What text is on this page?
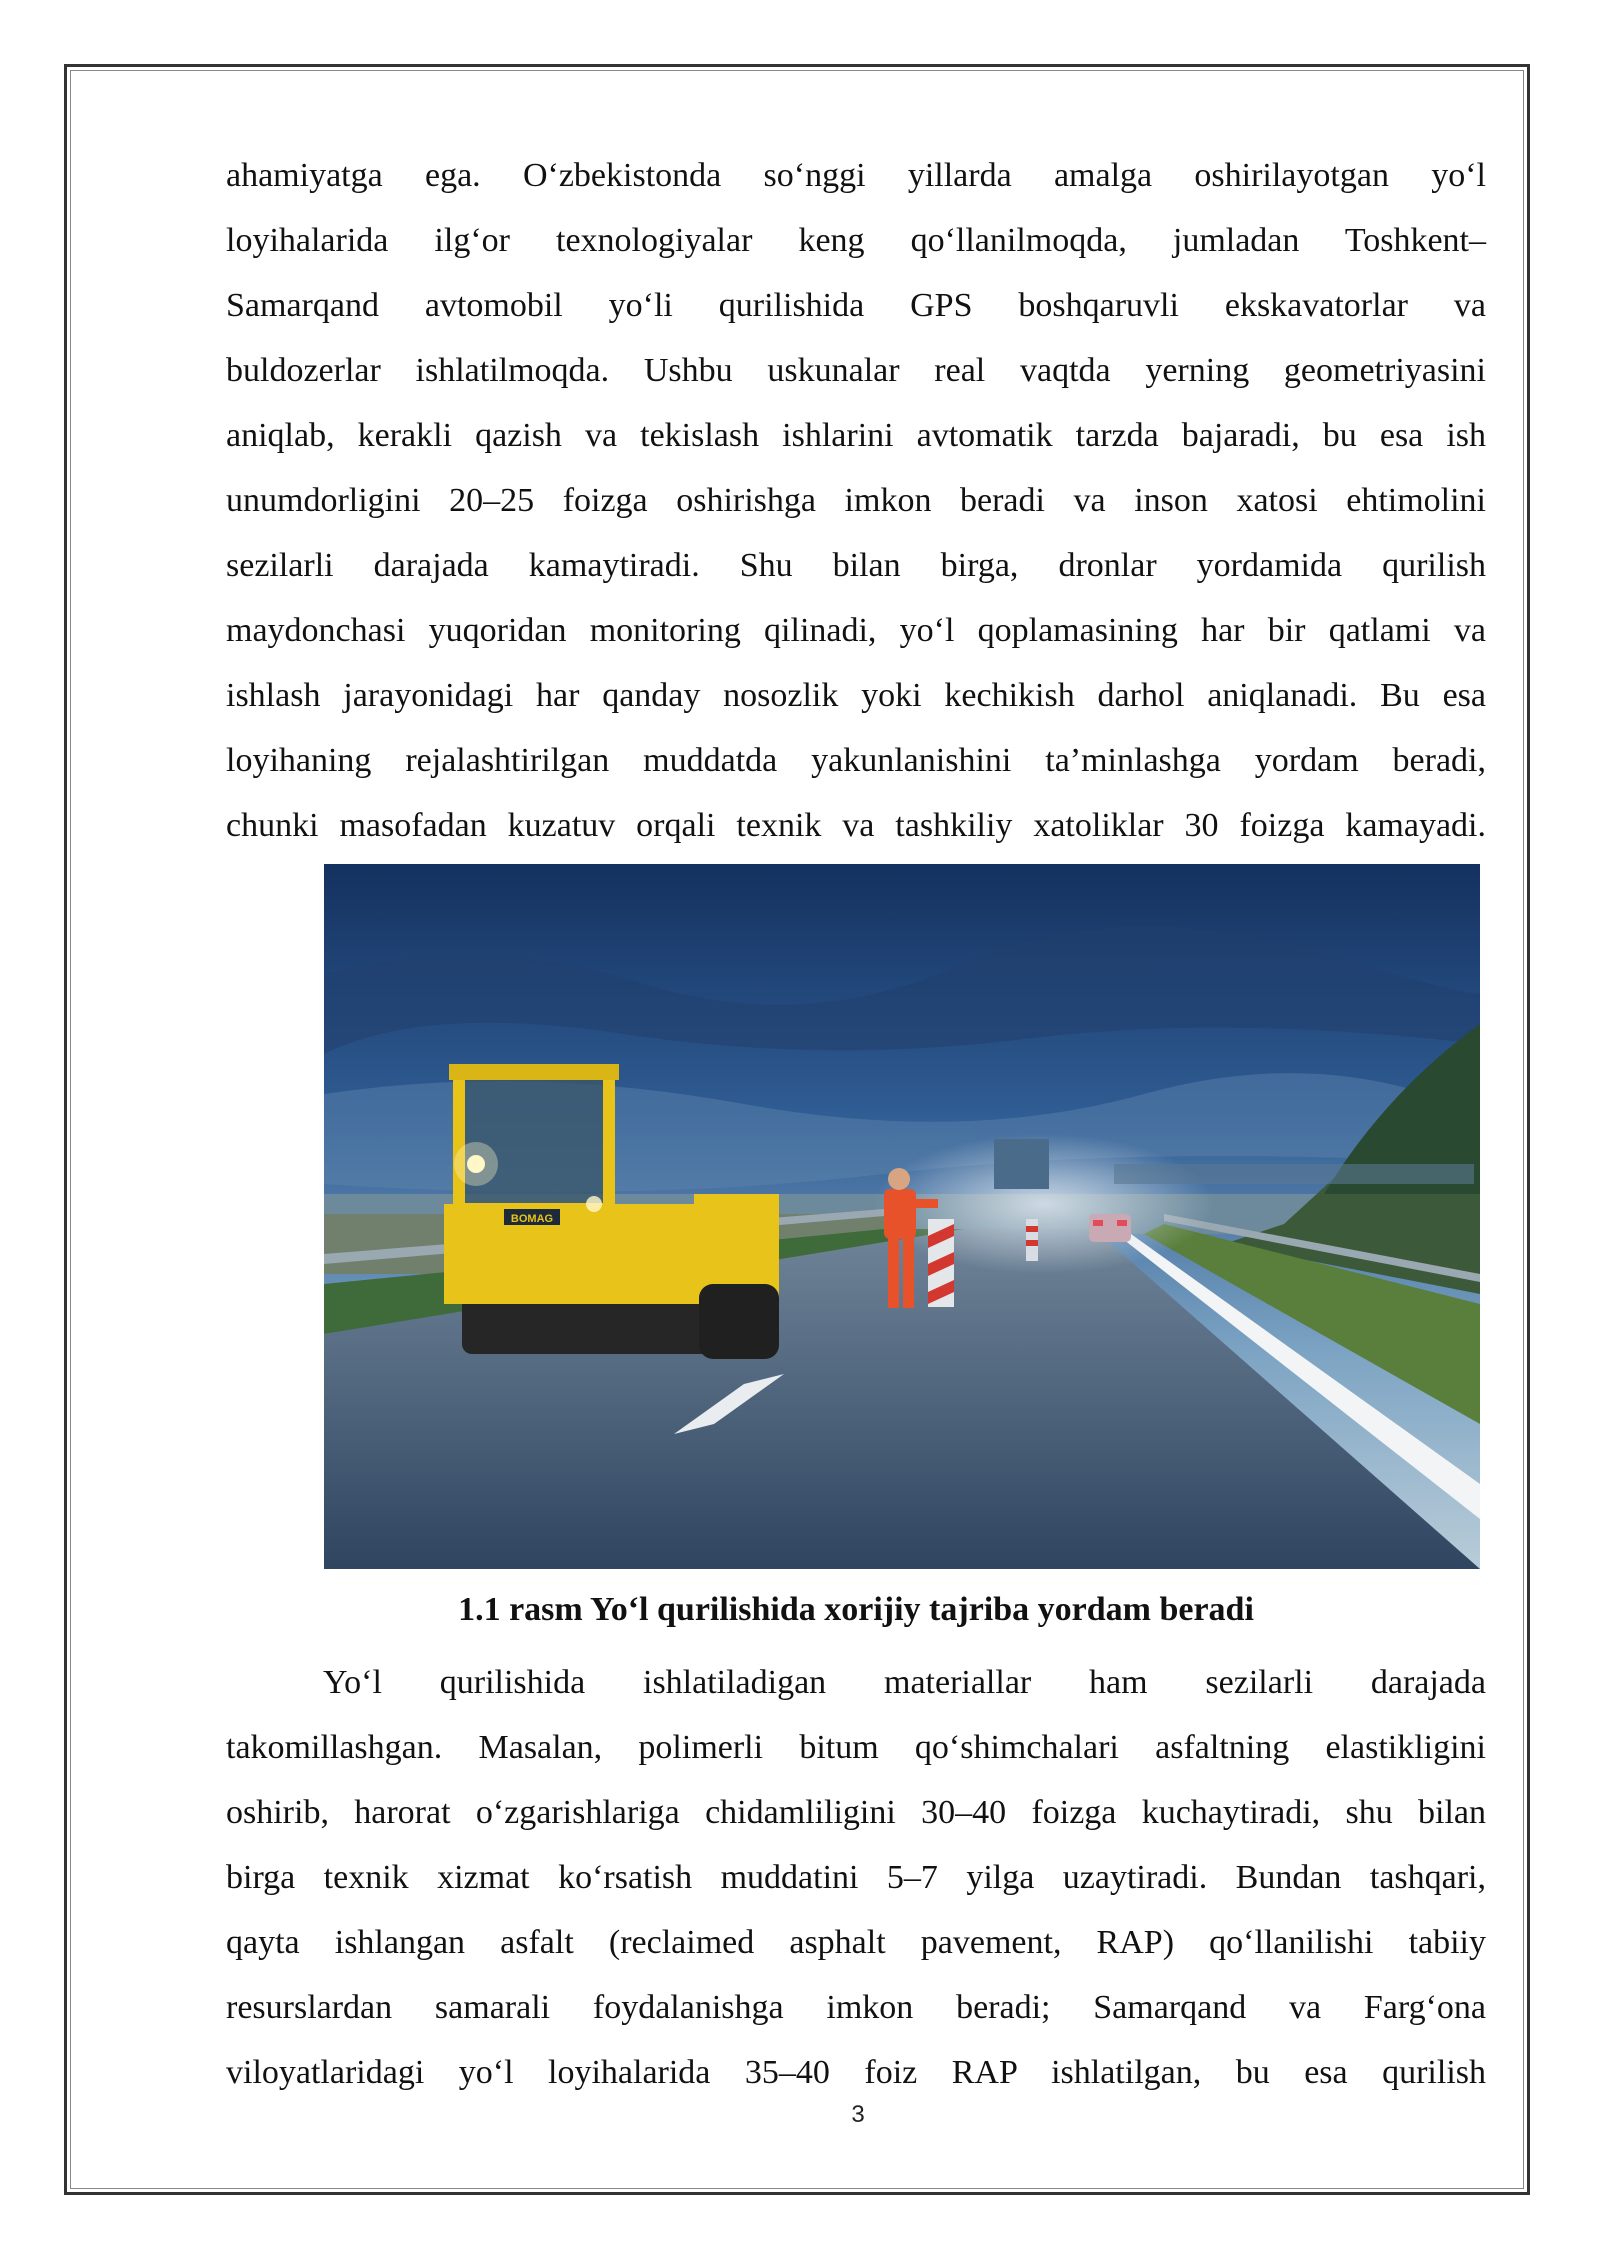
ahamiyatga ega. O‘zbekistonda so‘nggi yillarda amalga oshirilayotgan yo‘l
loyihalarida ilg‘or texnologiyalar keng qo‘llanilmoqda, jumladan Toshkent–
Samarqand avtomobil yo‘li qurilishida GPS boshqaruvli ekskavatorlar va
buldozerlar ishlatilmoqda. Ushbu uskunalar real vaqtda yerning geometriyasini
aniqlab, kerakli qazish va tekislash ishlarini avtomatik tarzda bajaradi, bu esa ish
unumdorligini 20–25 foizga oshirishga imkon beradi va inson xatosi ehtimolini
sezilarli darajada kamaytiradi. Shu bilan birga, dronlar yordamida qurilish
maydonchasi yuqoridan monitoring qilinadi, yo‘l qoplamasining har bir qatlami va
ishlash jarayonidagi har qanday nosozlik yoki kechikish darhol aniqlanadi. Bu esa
loyihaning rejalashtirilgan muddatda yakunlanishini ta’minlashga yordam beradi,
chunki masofadan kuzatuv orqali texnik va tashkiliy xatoliklar 30 foizga kamayadi.
BOMAG
1.1 rasm Yo‘l qurilishida xorijiy tajriba yordam beradi
Yo‘l qurilishida ishlatiladigan materiallar ham sezilarli darajada
takomillashgan. Masalan, polimerli bitum qo‘shimchalari asfaltning elastikligini
oshirib, harorat o‘zgarishlariga chidamliligini 30–40 foizga kuchaytiradi, shu bilan
birga texnik xizmat ko‘rsatish muddatini 5–7 yilga uzaytiradi. Bundan tashqari,
qayta ishlangan asfalt (reclaimed asphalt pavement, RAP) qo‘llanilishi tabiiy
resurslardan samarali foydalanishga imkon beradi; Samarqand va Farg‘ona
viloyatlaridagi yo‘l loyihalarida 35–40 foiz RAP ishlatilgan, bu esa qurilish
3
